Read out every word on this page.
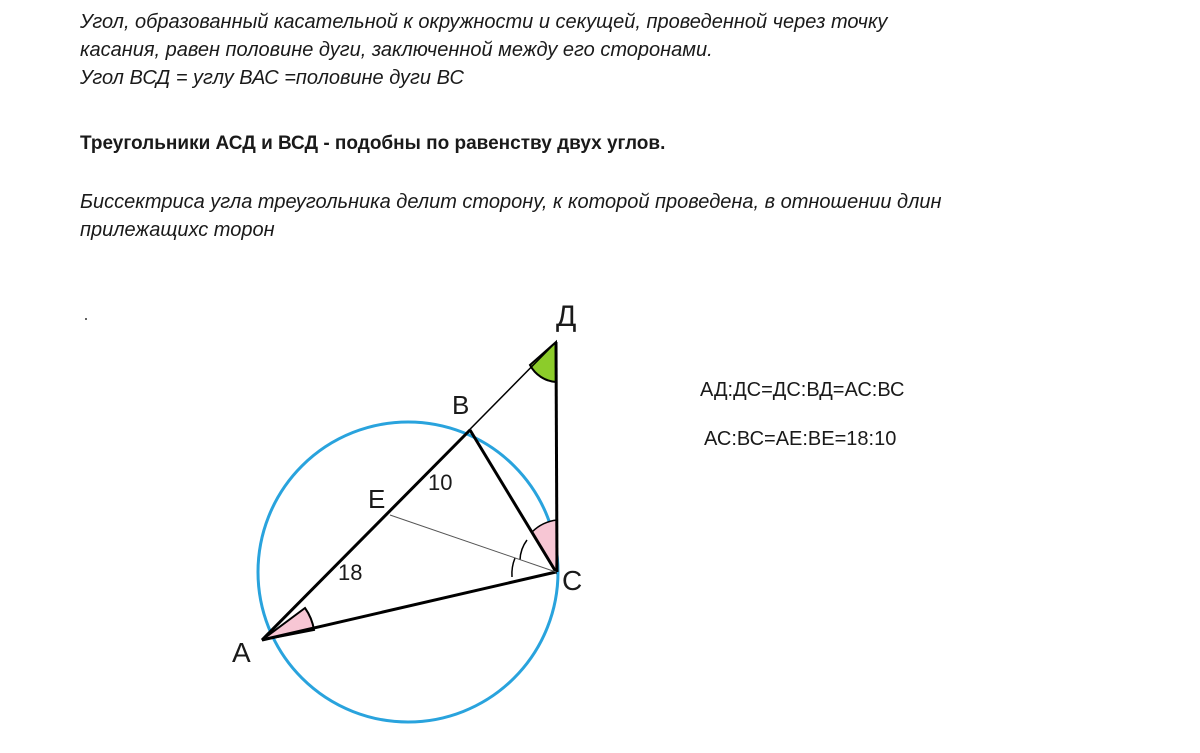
Угол, образованный касательной к окружности и секущей, проведенной через точку
касания, равен половине дуги, заключенной между его сторонами.
Угол ВСД = углу ВАС =половине дуги ВС
Треугольники АСД и ВСД - подобны по равенству двух углов.
Биссектриса угла треугольника делит сторону, к которой проведена, в отношении длин
прилежащихс торон
Д
В
Е
С
А
10
18
АД:ДС=ДС:ВД=АС:ВС
АС:ВС=АЕ:ВЕ=18:10
